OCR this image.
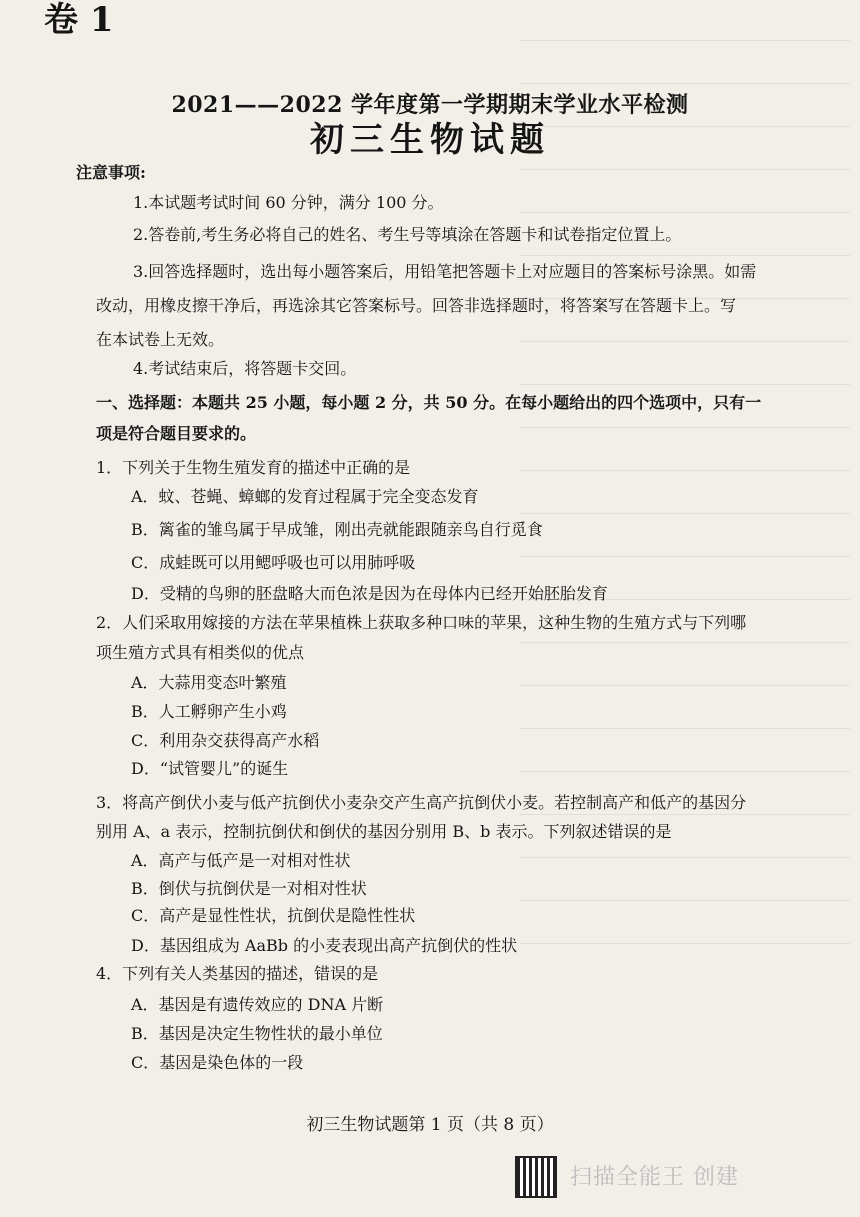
卷 1
2021——2022 学年度第一学期期末学业水平检测
初三生物试题
注意事项:
1.本试题考试时间 60 分钟，满分 100 分。
2.答卷前,考生务必将自己的姓名、考生号等填涂在答题卡和试卷指定位置上。
3.回答选择题时，选出每小题答案后，用铅笔把答题卡上对应题目的答案标号涂黑。如需
改动，用橡皮擦干净后，再选涂其它答案标号。回答非选择题时，将答案写在答题卡上。写
在本试卷上无效。
4.考试结束后，将答题卡交回。
一、选择题：本题共 25 小题，每小题 2 分，共 50 分。在每小题给出的四个选项中，只有一
项是符合题目要求的。
1．下列关于生物生殖发育的描述中正确的是
A．蚊、苍蝇、蟑螂的发育过程属于完全变态发育
B．篱雀的雏鸟属于早成雏，刚出壳就能跟随亲鸟自行觅食
C．成蛙既可以用鳃呼吸也可以用肺呼吸
D．受精的鸟卵的胚盘略大而色浓是因为在母体内已经开始胚胎发育
2．人们采取用嫁接的方法在苹果植株上获取多种口味的苹果，这种生物的生殖方式与下列哪
项生殖方式具有相类似的优点
A．大蒜用变态叶繁殖
B．人工孵卵产生小鸡
C．利用杂交获得高产水稻
D．“试管婴儿”的诞生
3．将高产倒伏小麦与低产抗倒伏小麦杂交产生高产抗倒伏小麦。若控制高产和低产的基因分
别用 A、a 表示，控制抗倒伏和倒伏的基因分别用 B、b 表示。下列叙述错误的是
A．高产与低产是一对相对性状
B．倒伏与抗倒伏是一对相对性状
C．高产是显性性状，抗倒伏是隐性性状
D．基因组成为 AaBb 的小麦表现出高产抗倒伏的性状
4．下列有关人类基因的描述，错误的是
A．基因是有遗传效应的 DNA 片断
B．基因是决定生物性状的最小单位
C．基因是染色体的一段
初三生物试题第 1 页（共 8 页）
扫描全能王 创建
